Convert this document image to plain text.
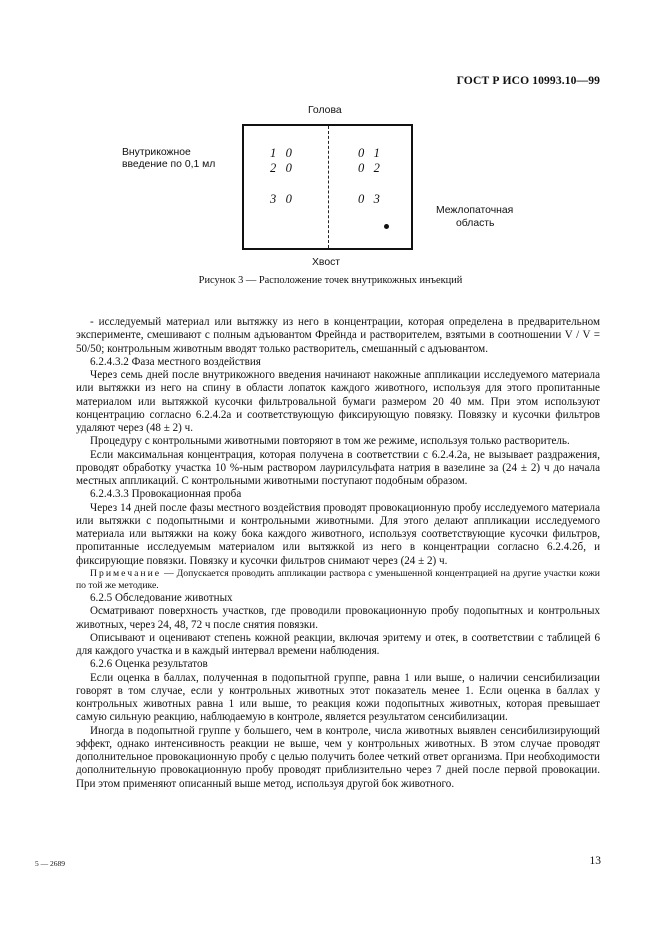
ГОСТ Р ИСО 10993.10—99
Голова
Внутрикожное
введение по 0,1 мл
1 0
2 0
3 0
0 1
0 2
0 3
Межлопаточная
область
Хвост
Рисунок 3 — Расположение точек внутрикожных инъекций

- исследуемый материал или вытяжку из него в концентрации, которая определена в предварительном эксперименте, смешивают с полным адъювантом Фрейнда и растворителем, взятыми в соотношении V / V = 50/50; контрольным животным вводят только растворитель, смешанный с адъювантом.

6.2.4.3.2 Фаза местного воздействия

Через семь дней после внутрикожного введения начинают накожные аппликации исследуемого материала или вытяжки из него на спину в области лопаток каждого животного, используя для этого пропитанные материалом или вытяжкой кусочки фильтровальной бумаги размером 20 40 мм. При этом используют концентрацию согласно 6.2.4.2а и соответствующую фиксирующую повязку. Повязку и кусочки фильтров удаляют через (48 ± 2) ч.

Процедуру с контрольными животными повторяют в том же режиме, используя только растворитель.

Если максимальная концентрация, которая получена в соответствии с 6.2.4.2а, не вызывает раздражения, проводят обработку участка 10 %-ным раствором лаурилсульфата натрия в вазелине за (24 ± 2) ч до начала местных аппликаций. С контрольными животными поступают подобным образом.

6.2.4.3.3 Провокационная проба

Через 14 дней после фазы местного воздействия проводят провокационную пробу исследуемого материала или вытяжки с подопытными и контрольными животными. Для этого делают аппликации исследуемого материала или вытяжки на кожу бока каждого животного, используя соответствующие кусочки фильтров, пропитанные исследуемым материалом или вытяжкой из него в концентрации согласно 6.2.4.2б, и фиксирующие повязки. Повязку и кусочки фильтров снимают через (24 ± 2) ч.

Примечание — Допускается проводить аппликации раствора с уменьшенной концентрацией на другие участки кожи по той же методике.

6.2.5 Обследование животных

Осматривают поверхность участков, где проводили провокационную пробу подопытных и контрольных животных, через 24, 48, 72 ч после снятия повязки.

Описывают и оценивают степень кожной реакции, включая эритему и отек, в соответствии с таблицей 6 для каждого участка и в каждый интервал времени наблюдения.

6.2.6 Оценка результатов

Если оценка в баллах, полученная в подопытной группе, равна 1 или выше, о наличии сенсибилизации говорят в том случае, если у контрольных животных этот показатель менее 1. Если оценка в баллах у контрольных животных равна 1 или выше, то реакция кожи подопытных животных, которая превышает самую сильную реакцию, наблюдаемую в контроле, является результатом сенсибилизации.

Иногда в подопытной группе у большего, чем в контроле, числа животных выявлен сенсибилизирующий эффект, однако интенсивность реакции не выше, чем у контрольных животных. В этом случае проводят дополнительное провокационную пробу с целью получить более четкий ответ организма. При необходимости дополнительную провокационную пробу проводят приблизительно через 7 дней после первой провокации. При этом применяют описанный выше метод, используя другой бок животного.

5 — 2689	13
